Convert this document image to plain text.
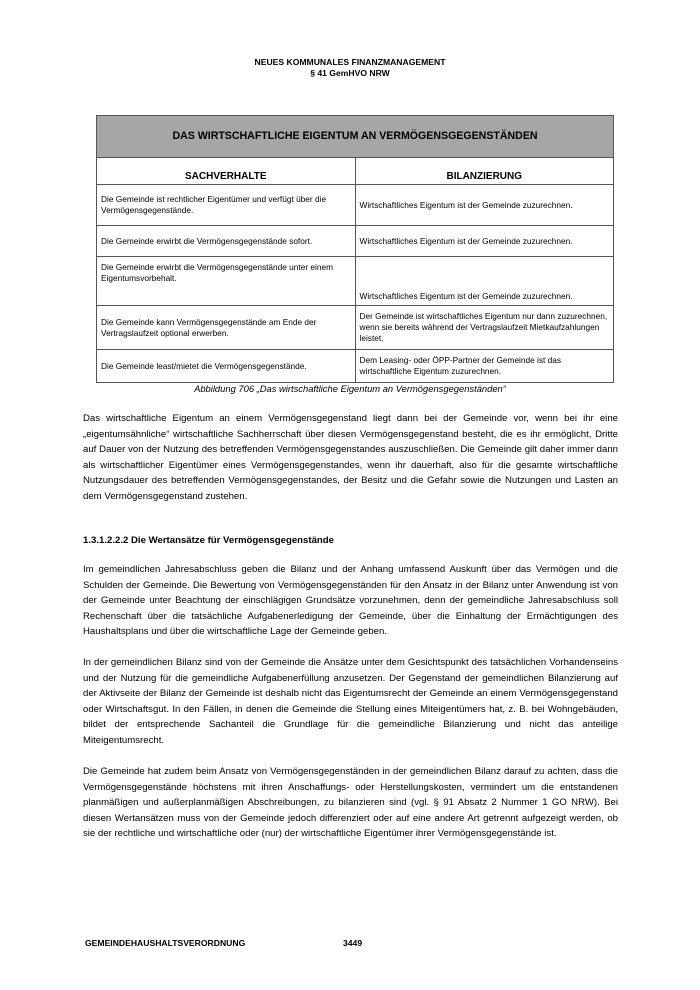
NEUES KOMMUNALES FINANZMANAGEMENT
§ 41 GemHVO NRW
DAS WIRTSCHAFTLICHE EIGENTUM AN VERMÖGENSGEGENSTÄNDEN	
SACHVERHALTE	BILANZIERUNG
Die Gemeinde ist rechtlicher Eigentümer und verfügt über die Vermögensgegenstände.	Wirtschaftliches Eigentum ist der Gemeinde zuzurechnen.
Die Gemeinde erwirbt die Vermögensgegenstände sofort.	Wirtschaftliches Eigentum ist der Gemeinde zuzurechnen.
Die Gemeinde erwirbt die Vermögensgegenstände unter einem Eigentumsvorbehalt.	Wirtschaftliches Eigentum ist der Gemeinde zuzurechnen.
Die Gemeinde kann Vermögensgegenstände am Ende der Vertragslaufzeit optional erwerben.	Der Gemeinde ist wirtschaftliches Eigentum nur dann zuzurechnen, wenn sie bereits während der Vertragslaufzeit Mietkaufzahlungen leistet.
Die Gemeinde least/mietet die Vermögensgegenstände.	Dem Leasing- oder ÖPP-Partner der Gemeinde ist das wirtschaftliche Eigentum zuzurechnen.
Abbildung 706 „Das wirtschaftliche Eigentum an Vermögensgegenständen“

Das wirtschaftliche Eigentum an einem Vermögensgegenstand liegt dann bei der Gemeinde vor, wenn bei ihr eine „eigentumsähnliche“ wirtschaftliche Sachherrschaft über diesen Vermögensgegenstand besteht, die es ihr ermöglicht, Dritte auf Dauer von der Nutzung des betreffenden Vermögensgegenstandes auszuschließen. Die Gemeinde gilt daher immer dann als wirtschaftlicher Eigentümer eines Vermögensgegenstandes, wenn ihr dauerhaft, also für die gesamte wirtschaftliche Nutzungsdauer des betreffenden Vermögensgegenstandes, der Besitz und die Gefahr sowie die Nutzungen und Lasten an dem Vermögensgegenstand zustehen.

1.3.1.2.2.2 Die Wertansätze für Vermögensgegenstände

Im gemeindlichen Jahresabschluss geben die Bilanz und der Anhang umfassend Auskunft über das Vermögen und die Schulden der Gemeinde. Die Bewertung von Vermögensgegenständen für den Ansatz in der Bilanz unter Anwendung ist von der Gemeinde unter Beachtung der einschlägigen Grundsätze vorzunehmen, denn der gemeindliche Jahresabschluss soll Rechenschaft über die tatsächliche Aufgabenerledigung der Gemeinde, über die Einhaltung der Ermächtigungen des Haushaltsplans und über die wirtschaftliche Lage der Gemeinde geben.

In der gemeindlichen Bilanz sind von der Gemeinde die Ansätze unter dem Gesichtspunkt des tatsächlichen Vorhandenseins und der Nutzung für die gemeindliche Aufgabenerfüllung anzusetzen. Der Gegenstand der gemeindlichen Bilanzierung auf der Aktivseite der Bilanz der Gemeinde ist deshalb nicht das Eigentumsrecht der Gemeinde an einem Vermögensgegenstand oder Wirtschaftsgut. In den Fällen, in denen die Gemeinde die Stellung eines Miteigentümers hat, z. B. bei Wohngebäuden, bildet der entsprechende Sachanteil die Grundlage für die gemeindliche Bilanzierung und nicht das anteilige Miteigentumsrecht.

Die Gemeinde hat zudem beim Ansatz von Vermögensgegenständen in der gemeindlichen Bilanz darauf zu achten, dass die Vermögensgegenstände höchstens mit ihren Anschaffungs- oder Herstellungskosten, vermindert um die entstandenen planmäßigen und außerplanmäßigen Abschreibungen, zu bilanzieren sind (vgl. § 91 Absatz 2 Nummer 1 GO NRW). Bei diesen Wertansätzen muss von der Gemeinde jedoch differenziert oder auf eine andere Art getrennt aufgezeigt werden, ob sie der rechtliche und wirtschaftliche oder (nur) der wirtschaftliche Eigentümer ihrer Vermögensgegenstände ist.

GEMEINDEHAUSHALTSVERORDNUNG	3449
